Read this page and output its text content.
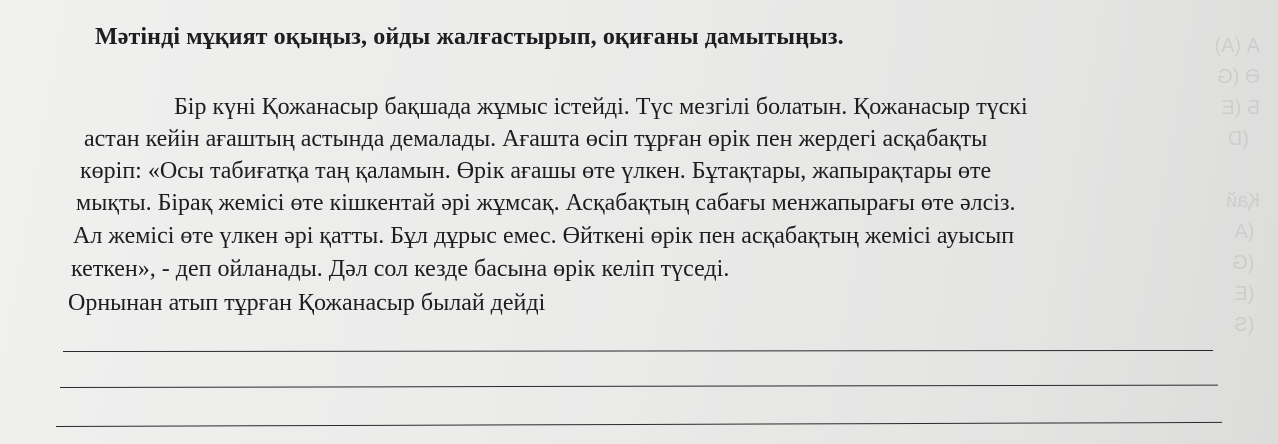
А (A)
Ә (G
Б (E
(D

Қай
(A
(G
(E
(S

Мәтінді мұқият оқыңыз, ойды жалғастырып, оқиғаны дамытыңыз.

Бір күні Қожанасыр бақшада жұмыс істейді. Түс мезгілі болатын. Қожанасыр түскі

астан кейін ағаштың астында демалады. Ағашта өсіп тұрған өрік пен жердегі асқабақты

көріп: «Осы табиғатқа таң қаламын. Өрік ағашы өте үлкен. Бұтақтары, жапырақтары өте

мықты. Бірақ жемісі өте кішкентай әрі жұмсақ. Асқабақтың сабағы менжапырағы өте әлсіз.

Ал жемісі өте үлкен әрі қатты. Бұл дұрыс емес. Өйткені өрік пен асқабақтың жемісі ауысып

кеткен», - деп ойланады. Дәл сол кезде басына өрік келіп түседі.

Орнынан атып тұрған Қожанасыр былай дейді
